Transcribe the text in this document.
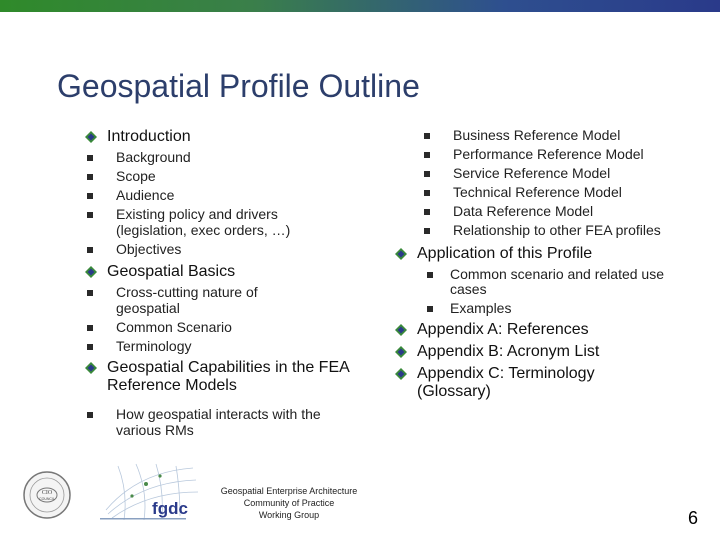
Geospatial Profile Outline
Introduction
Background
Scope
Audience
Existing policy and drivers (legislation, exec orders, …)
Objectives
Geospatial Basics
Cross-cutting nature of geospatial
Common Scenario
Terminology
Geospatial Capabilities in the FEA Reference Models
How geospatial interacts with the various RMs
Business Reference Model
Performance Reference Model
Service Reference Model
Technical Reference Model
Data Reference Model
Relationship to other FEA profiles
Application of this Profile
Common scenario and related use cases
Examples
Appendix A: References
Appendix B: Acronym List
Appendix C: Terminology (Glossary)
CIO
COUNCIL	fgdc
Geospatial Enterprise Architecture
Community of Practice
Working Group	6
